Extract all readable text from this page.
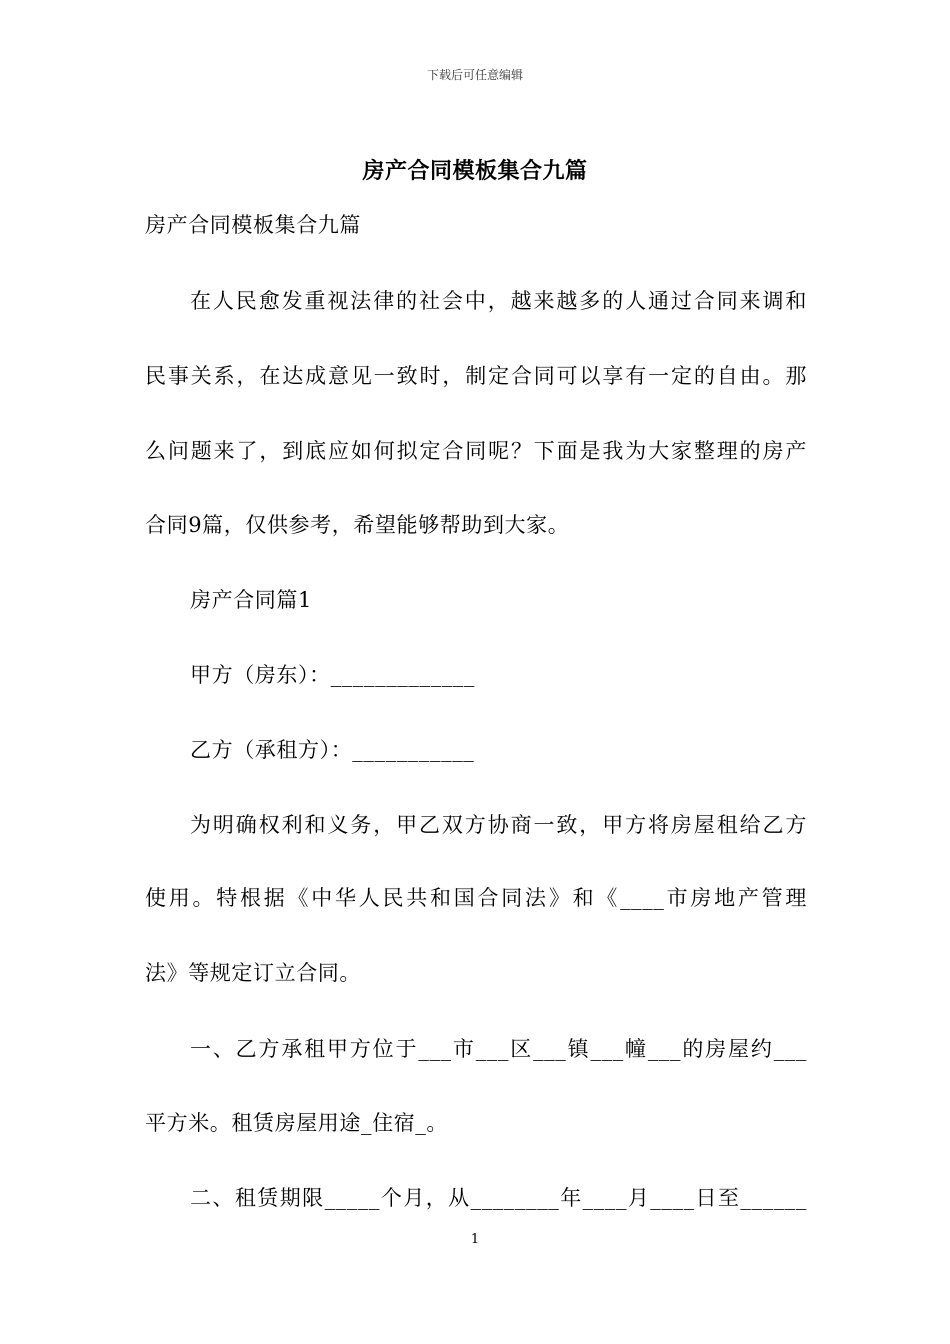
下载后可任意编辑
房产合同模板集合九篇
房产合同模板集合九篇
在人民愈发重视法律的社会中，越来越多的人通过合同来调和
民事关系，在达成意见一致时，制定合同可以享有一定的自由。那
么问题来了，到底应如何拟定合同呢？下面是我为大家整理的房产
合同9篇，仅供参考，希望能够帮助到大家。
房产合同篇1
甲方（房东）：_____________
乙方（承租方）：___________
为明确权利和义务，甲乙双方协商一致，甲方将房屋租给乙方
使用。特根据《中华人民共和国合同法》和《____市房地产管理
法》等规定订立合同。
一、乙方承租甲方位于___市___区___镇___幢___的房屋约___
平方米。租赁房屋用途_住宿_。
二、租赁期限_____个月，从________年____月____日至______
1
